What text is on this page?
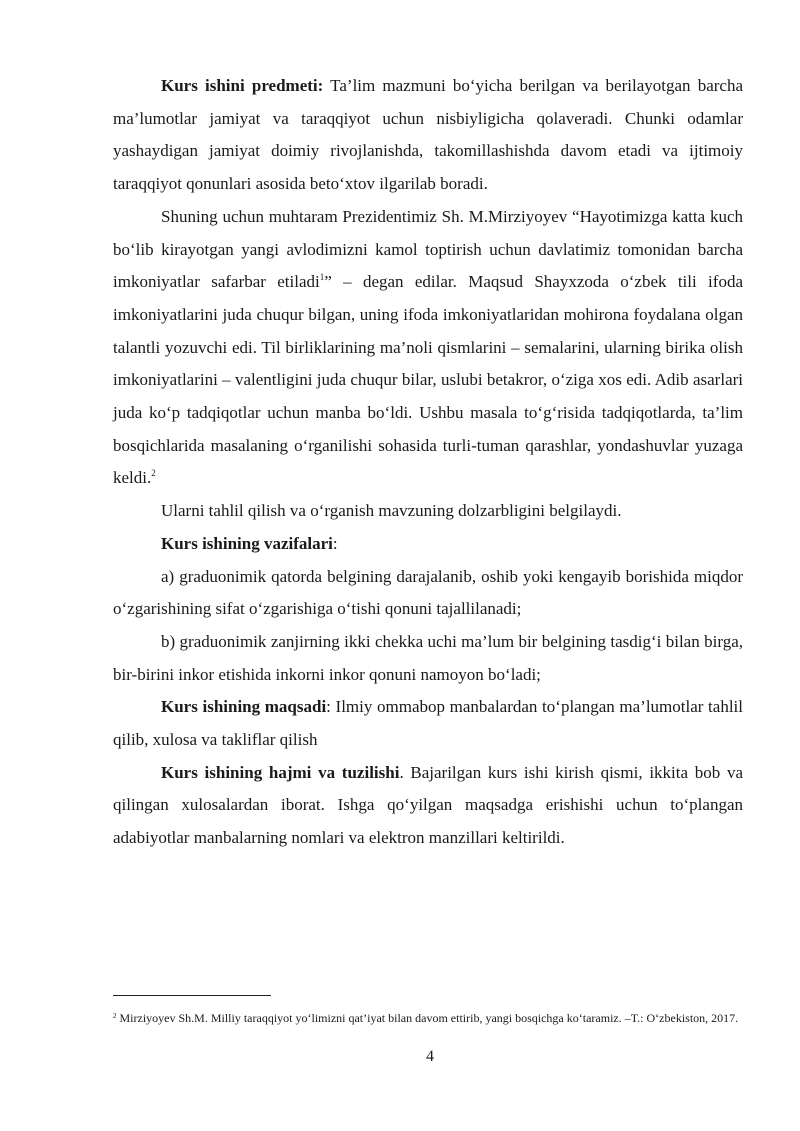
Kurs ishini predmeti: Ta’lim mazmuni bo‘yicha berilgan va berilayotgan barcha ma’lumotlar jamiyat va taraqqiyot uchun nisbiyligicha qolaveradi. Chunki odamlar yashaydigan jamiyat doimiy rivojlanishda, takomillashishda davom etadi va ijtimoiy taraqqiyot qonunlari asosida beto‘xtov ilgarilab boradi.

Shuning uchun muhtaram Prezidentimiz Sh. M.Mirziyoyev “Hayotimizga katta kuch bo‘lib kirayotgan yangi avlodimizni kamol toptirish uchun davlatimiz tomonidan barcha imkoniyatlar safarbar etiladi$^1$” – degan edilar. Maqsud Shayxzoda o‘zbek tili ifoda imkoniyatlarini juda chuqur bilgan, uning ifoda imkoniyatlaridan mohirona foydalana olgan talantli yozuvchi edi. Til birliklarining ma’noli qismlarini – semalarini, ularning birika olish imkoniyatlarini – valentligini juda chuqur bilar, uslubi betakror, o‘ziga xos edi. Adib asarlari juda ko‘p tadqiqotlar uchun manba bo‘ldi. Ushbu masala to‘g‘risida tadqiqotlarda, ta’lim bosqichlarida masalaning o‘rganilishi sohasida turli-tuman qarashlar, yondashuvlar yuzaga keldi.$^2$

Ularni tahlil qilish va o‘rganish mavzuning dolzarbligini belgilaydi.

Kurs ishining vazifalari:

a) graduonimik qatorda belgining darajalanib, oshib yoki kengayib borishida miqdor o‘zgarishining sifat o‘zgarishiga o‘tishi qonuni tajallilanadi;

b) graduonimik zanjirning ikki chekka uchi ma’lum bir belgining tasdig‘i bilan birga, bir-birini inkor etishida inkorni inkor qonuni namoyon bo‘ladi;

Kurs ishining maqsadi: Ilmiy ommabop manbalardan to‘plangan ma’lumotlar tahlil qilib, xulosa va takliflar qilish

Kurs ishining hajmi va tuzilishi. Bajarilgan kurs ishi kirish qismi, ikkita bob va qilingan xulosalardan iborat. Ishga qo‘yilgan maqsadga erishishi uchun to‘plangan adabiyotlar manbalarning nomlari va elektron manzillari keltirildi.

$^2$ Mirziyoyev Sh.M. Milliy taraqqiyot yo‘limizni qat’iyat bilan davom ettirib, yangi bosqichga ko‘taramiz. –T.: O‘zbekiston, 2017.

4
